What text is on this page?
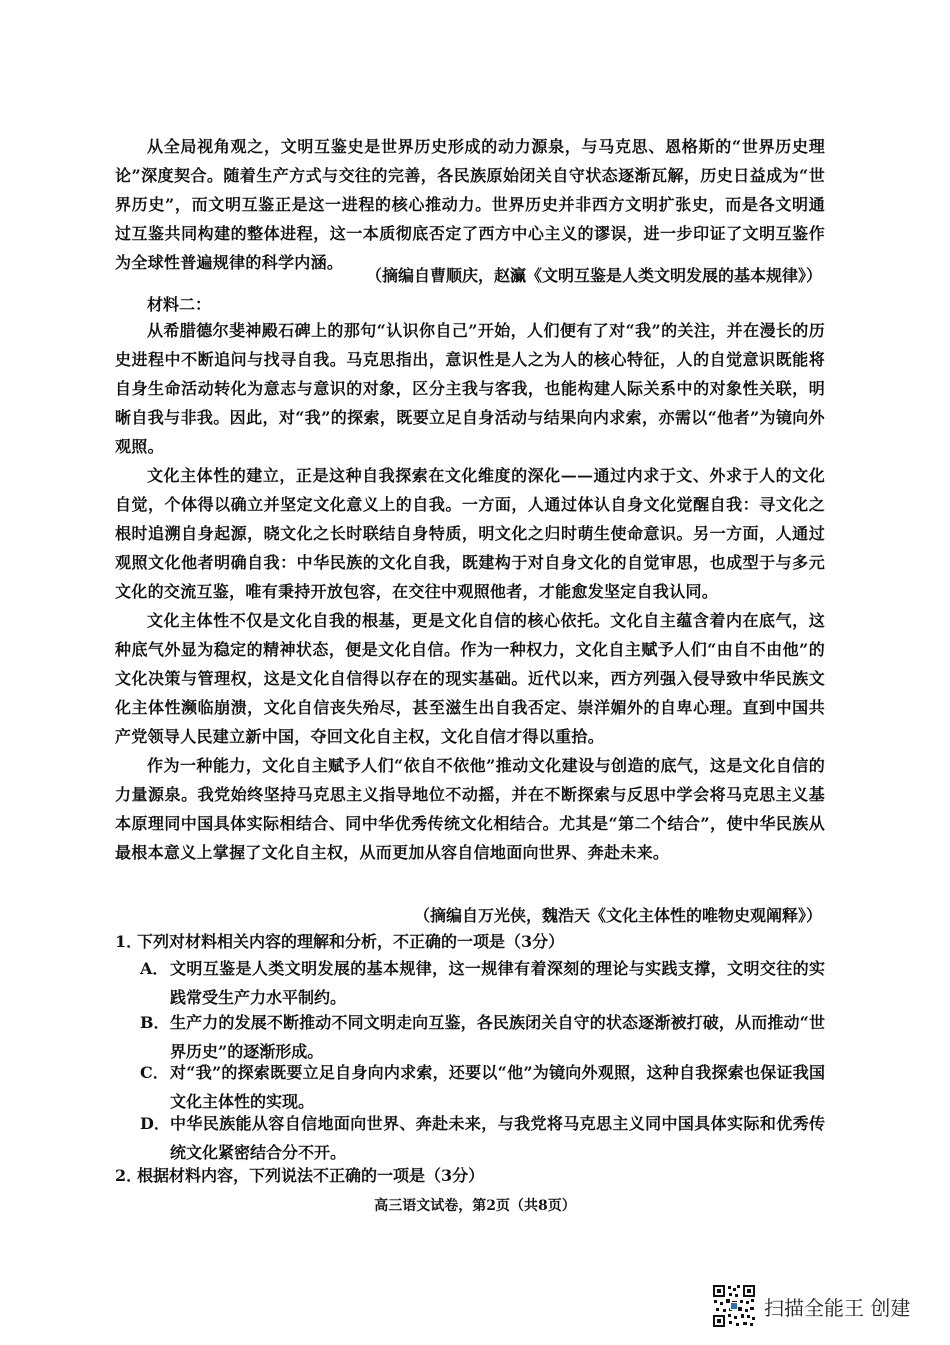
从全局视角观之，文明互鉴史是世界历史形成的动力源泉，与马克思、恩格斯的“世界历史理论”深度契合。随着生产方式与交往的完善，各民族原始闭关自守状态逐渐瓦解，历史日益成为“世界历史”，而文明互鉴正是这一进程的核心推动力。世界历史并非西方文明扩张史，而是各文明通过互鉴共同构建的整体进程，这一本质彻底否定了西方中心主义的谬误，进一步印证了文明互鉴作为全球性普遍规律的科学内涵。

（摘编自曹顺庆，赵灜《文明互鉴是人类文明发展的基本规律》）
材料二：

从希腊德尔斐神殿石碑上的那句“认识你自己”开始，人们便有了对“我”的关注，并在漫长的历史进程中不断追问与找寻自我。马克思指出，意识性是人之为人的核心特征，人的自觉意识既能将自身生命活动转化为意志与意识的对象，区分主我与客我，也能构建人际关系中的对象性关联，明晰自我与非我。因此，对“我”的探索，既要立足自身活动与结果向内求索，亦需以“他者”为镜向外观照。

文化主体性的建立，正是这种自我探索在文化维度的深化——通过内求于文、外求于人的文化自觉，个体得以确立并坚定文化意义上的自我。一方面，人通过体认自身文化觉醒自我：寻文化之根时追溯自身起源，晓文化之长时联结自身特质，明文化之归时萌生使命意识。另一方面，人通过观照文化他者明确自我：中华民族的文化自我，既建构于对自身文化的自觉审思，也成型于与多元文化的交流互鉴，唯有秉持开放包容，在交往中观照他者，才能愈发坚定自我认同。

文化主体性不仅是文化自我的根基，更是文化自信的核心依托。文化自主蕴含着内在底气，这种底气外显为稳定的精神状态，便是文化自信。作为一种权力，文化自主赋予人们“由自不由他”的文化决策与管理权，这是文化自信得以存在的现实基础。近代以来，西方列强入侵导致中华民族文化主体性濒临崩溃，文化自信丧失殆尽，甚至滋生出自我否定、崇洋媚外的自卑心理。直到中国共产党领导人民建立新中国，夺回文化自主权，文化自信才得以重拾。

作为一种能力，文化自主赋予人们“依自不依他”推动文化建设与创造的底气，这是文化自信的力量源泉。我党始终坚持马克思主义指导地位不动摇，并在不断探索与反思中学会将马克思主义基本原理同中国具体实际相结合、同中华优秀传统文化相结合。尤其是“第二个结合”，使中华民族从最根本意义上掌握了文化自主权，从而更加从容自信地面向世界、奔赴未来。

（摘编自万光侠，魏浩天《文化主体性的唯物史观阐释》）
1．下列对材料相关内容的理解和分析，不正确的一项是（3分）
A． 文明互鉴是人类文明发展的基本规律，这一规律有着深刻的理论与实践支撑，文明交往的实践常受生产力水平制约。
B． 生产力的发展不断推动不同文明走向互鉴，各民族闭关自守的状态逐渐被打破，从而推动“世界历史”的逐渐形成。
C． 对“我”的探索既要立足自身向内求索，还要以“他”为镜向外观照，这种自我探索也保证我国文化主体性的实现。
D． 中华民族能从容自信地面向世界、奔赴未来，与我党将马克思主义同中国具体实际和优秀传统文化紧密结合分不开。
2．根据材料内容，下列说法不正确的一项是（3分）
高三语文试卷，第2页（共8页）
扫描全能王 创建
